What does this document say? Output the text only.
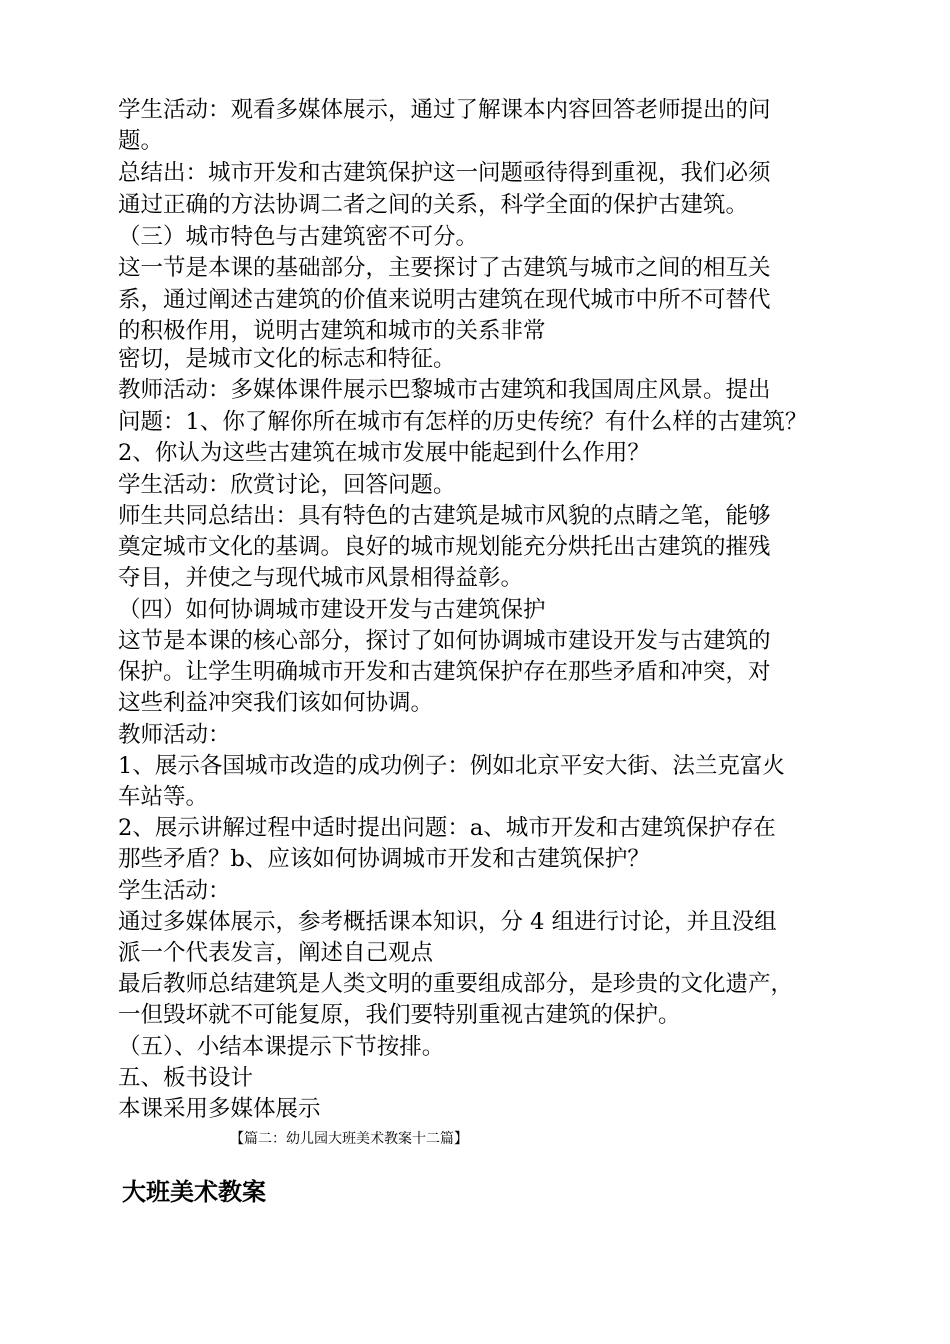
学生活动：观看多媒体展示，通过了解课本内容回答老师提出的问

题。

总结出：城市开发和古建筑保护这一问题亟待得到重视，我们必须

通过正确的方法协调二者之间的关系，科学全面的保护古建筑。

（三）城市特色与古建筑密不可分。

这一节是本课的基础部分，主要探讨了古建筑与城市之间的相互关

系，通过阐述古建筑的价值来说明古建筑在现代城市中所不可替代

的积极作用，说明古建筑和城市的关系非常

密切，是城市文化的标志和特征。

教师活动：多媒体课件展示巴黎城市古建筑和我国周庄风景。提出

问题：1、你了解你所在城市有怎样的历史传统？有什么样的古建筑？

2、你认为这些古建筑在城市发展中能起到什么作用？

学生活动：欣赏讨论，回答问题。

师生共同总结出：具有特色的古建筑是城市风貌的点睛之笔，能够

奠定城市文化的基调。良好的城市规划能充分烘托出古建筑的摧残

夺目，并使之与现代城市风景相得益彰。

（四）如何协调城市建设开发与古建筑保护

这节是本课的核心部分，探讨了如何协调城市建设开发与古建筑的

保护。让学生明确城市开发和古建筑保护存在那些矛盾和冲突，对

这些利益冲突我们该如何协调。

教师活动：

1、展示各国城市改造的成功例子：例如北京平安大街、法兰克富火

车站等。

2、展示讲解过程中适时提出问题：a、城市开发和古建筑保护存在

那些矛盾？b、应该如何协调城市开发和古建筑保护？

学生活动：

通过多媒体展示，参考概括课本知识，分 4 组进行讨论，并且没组

派一个代表发言，阐述自己观点

最后教师总结建筑是人类文明的重要组成部分，是珍贵的文化遗产，

一但毁坏就不可能复原，我们要特别重视古建筑的保护。

（五）、小结本课提示下节按排。

五、板书设计

本课采用多媒体展示

【篇二：幼儿园大班美术教案十二篇】
大班美术教案
